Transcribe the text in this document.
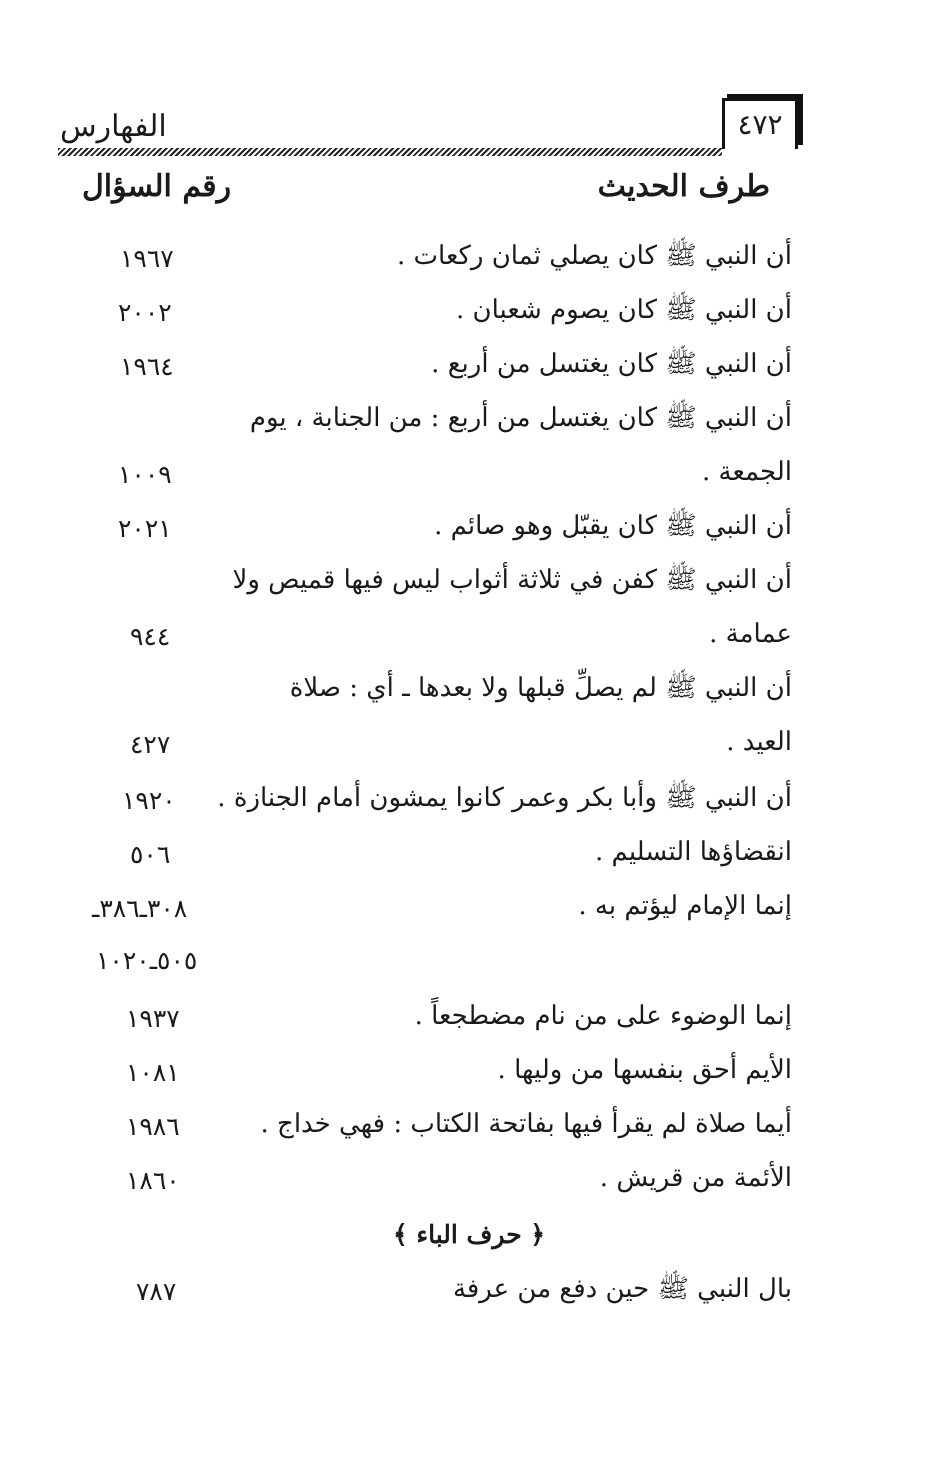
الفهارس	٤٧٢
طرف الحديث
رقم السؤال
أن النبي ﷺ كان يصلي ثمان ركعات .
١٩٦٧
أن النبي ﷺ كان يصوم شعبان .
٢٠٠٢
أن النبي ﷺ كان يغتسل من أربع .
١٩٦٤
أن النبي ﷺ كان يغتسل من أربع : من الجنابة ، يوم
الجمعة .
١٠٠٩
أن النبي ﷺ كان يقبّل وهو صائم .
٢٠٢١
أن النبي ﷺ كفن في ثلاثة أثواب ليس فيها قميص ولا
عمامة .
٩٤٤
أن النبي ﷺ لم يصلِّ قبلها ولا بعدها ـ أي : صلاة
العيد .
٤٢٧
أن النبي ﷺ وأبا بكر وعمر كانوا يمشون أمام الجنازة .
١٩٢٠
انقضاؤها التسليم .
٥٠٦
إنما الإمام ليؤتم به .
٣٠٨ـ٣٨٦ـ
٥٠٥ـ١٠٢٠
إنما الوضوء على من نام مضطجعاً .
١٩٣٧
الأيم أحق بنفسها من وليها .
١٠٨١
أيما صلاة لم يقرأ فيها بفاتحة الكتاب : فهي خداج .
١٩٨٦
الأئمة من قريش .
١٨٦٠
﴿ حرف الباء ﴾
بال النبي ﷺ حين دفع من عرفة
٧٨٧
